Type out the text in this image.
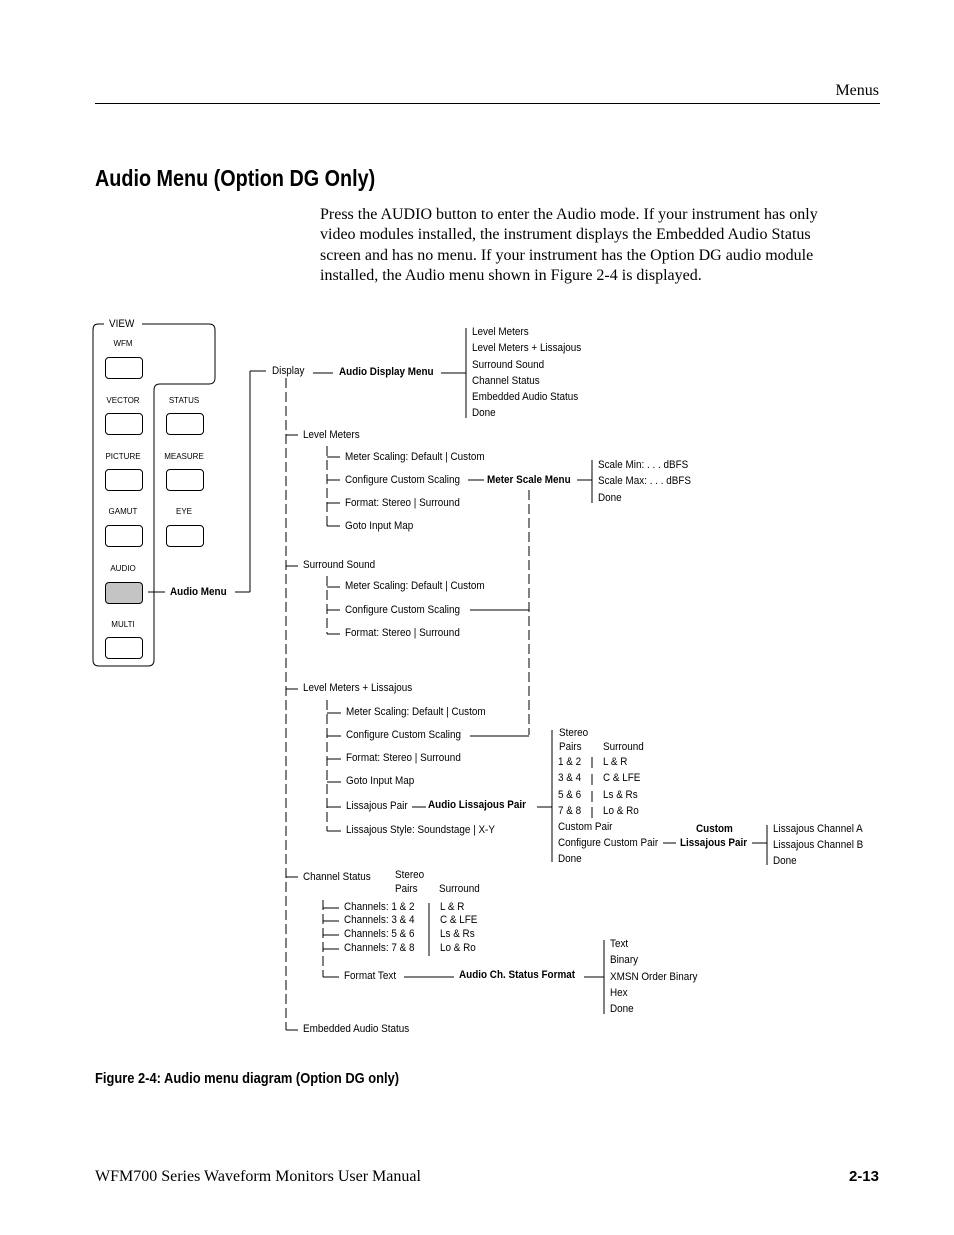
Menus
Audio Menu (Option DG Only)
Press the AUDIO button to enter the Audio mode. If your instrument has only
video modules installed, the instrument displays the Embedded Audio Status
screen and has no menu. If your instrument has the Option DG audio module
installed, the Audio menu shown in Figure 2-4 is displayed.
VIEW
WFM
VECTOR	STATUS
PICTURE	MEASURE
GAMUT	EYE
AUDIO
MULTI
Audio Menu
Display	Audio Display Menu
Level Meters
Level Meters + Lissajous
Surround Sound
Channel Status
Embedded Audio Status
Done
Level Meters
Meter Scaling: Default | Custom
Configure Custom Scaling
Format: Stereo | Surround
Goto Input Map
Meter Scale Menu
Scale Min: . . . dBFS
Scale Max: . . . dBFS
Done
Surround Sound
Meter Scaling: Default | Custom
Configure Custom Scaling
Format: Stereo | Surround
Level Meters + Lissajous
Meter Scaling: Default | Custom
Configure Custom Scaling
Format: Stereo | Surround
Goto Input Map
Lissajous Pair
Lissajous Style: Soundstage | X-Y
Audio Lissajous Pair
Stereo
Pairs Surround
1 & 2 L & R
3 & 4 C & LFE
5 & 6 Ls & Rs
7 & 8 Lo & Ro
Custom Pair
Configure Custom Pair
Done
Custom
Lissajous Pair
Lissajous Channel A
Lissajous Channel B
Done
Channel Status Stereo
Pairs Surround
Channels: 1 & 2 L & R
Channels: 3 & 4 C & LFE
Channels: 5 & 6 Ls & Rs
Channels: 7 & 8 Lo & Ro
Format Text	Audio Ch. Status Format
Text
Binary
XMSN Order Binary
Hex
Done
Embedded Audio Status
Figure 2-4: Audio menu diagram (Option DG only)
WFM700 Series Waveform Monitors User Manual	2-13
